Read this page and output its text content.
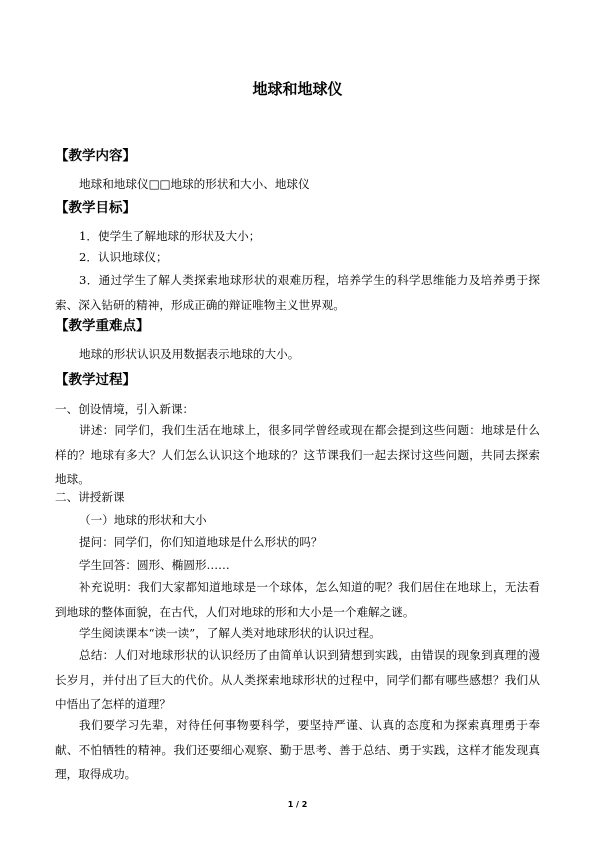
地球和地球仪
【教学内容】

地球和地球仪□□地球的形状和大小、地球仪

【教学目标】

1．使学生了解地球的形状及大小；

2．认识地球仪；

3．通过学生了解人类探索地球形状的艰难历程，培养学生的科学思维能力及培养勇于探索、深入钻研的精神，形成正确的辩证唯物主义世界观。

【教学重难点】

地球的形状认识及用数据表示地球的大小。

【教学过程】

一、创设情境，引入新课：

讲述：同学们，我们生活在地球上，很多同学曾经或现在都会提到这些问题：地球是什么样的？地球有多大？人们怎么认识这个地球的？这节课我们一起去探讨这些问题，共同去探索地球。

二、讲授新课

（一）地球的形状和大小

提问：同学们，你们知道地球是什么形状的吗？

学生回答：圆形、椭圆形……

补充说明：我们大家都知道地球是一个球体，怎么知道的呢？我们居住在地球上，无法看到地球的整体面貌，在古代，人们对地球的形和大小是一个难解之谜。

学生阅读课本“读一读”，了解人类对地球形状的认识过程。

总结：人们对地球形状的认识经历了由简单认识到猜想到实践，由错误的现象到真理的漫长岁月，并付出了巨大的代价。从人类探索地球形状的过程中，同学们都有哪些感想？我们从中悟出了怎样的道理？

我们要学习先辈，对待任何事物要科学，要坚持严谨、认真的态度和为探索真理勇于奉献、不怕牺牲的精神。我们还要细心观察、勤于思考、善于总结、勇于实践，这样才能发现真理，取得成功。

1 / 2
